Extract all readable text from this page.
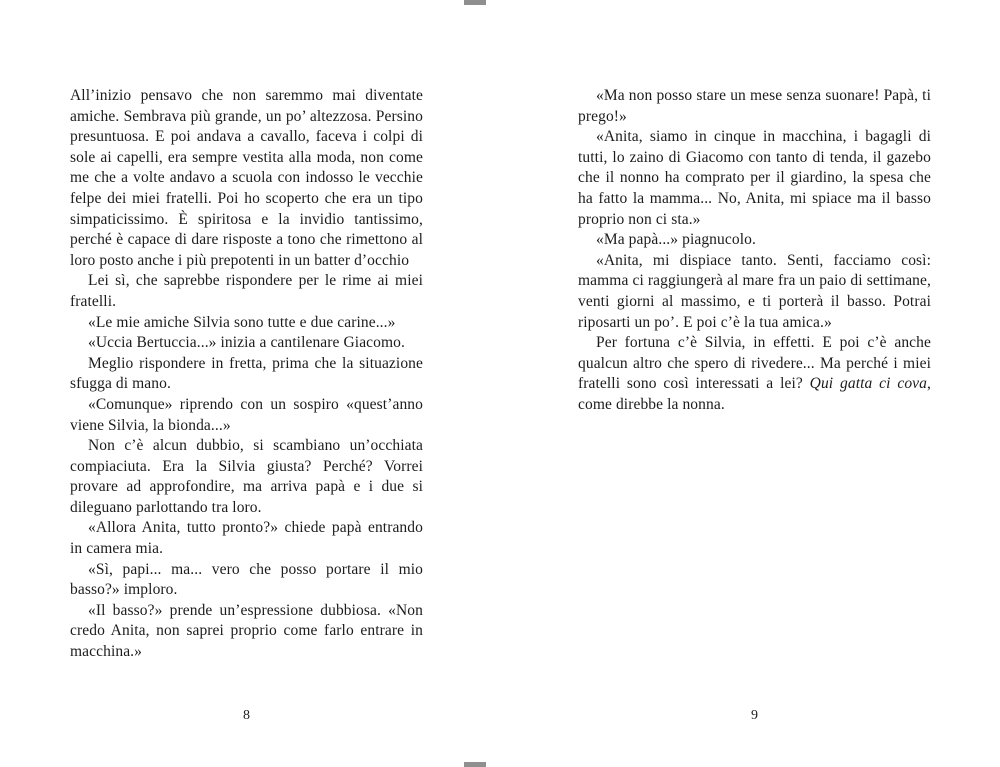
All’inizio pensavo che non saremmo mai diventate amiche. Sembrava più grande, un po’ altezzosa. Persino presuntuosa. E poi andava a cavallo, faceva i colpi di sole ai capelli, era sempre vestita alla moda, non come me che a volte andavo a scuola con indosso le vecchie felpe dei miei fratelli. Poi ho scoperto che era un tipo simpaticissimo. È spiritosa e la invidio tantissimo, perché è capace di dare risposte a tono che rimettono al loro posto anche i più prepotenti in un batter d’occhio

Lei sì, che saprebbe rispondere per le rime ai miei fratelli.

«Le mie amiche Silvia sono tutte e due carine...»

«Uccia Bertuccia...» inizia a cantilenare Giacomo.

Meglio rispondere in fretta, prima che la situazione sfugga di mano.

«Comunque» riprendo con un sospiro «quest’anno viene Silvia, la bionda...»

Non c’è alcun dubbio, si scambiano un’occhiata compiaciuta. Era la Silvia giusta? Perché? Vorrei provare ad approfondire, ma arriva papà e i due si dileguano parlottando tra loro.

«Allora Anita, tutto pronto?» chiede papà entrando in camera mia.

«Sì, papi... ma... vero che posso portare il mio basso?» imploro.

«Il basso?» prende un’espressione dubbiosa. «Non credo Anita, non saprei proprio come farlo entrare in macchina.»

«Ma non posso stare un mese senza suonare! Papà, ti prego!»

«Anita, siamo in cinque in macchina, i bagagli di tutti, lo zaino di Giacomo con tanto di tenda, il gazebo che il nonno ha comprato per il giardino, la spesa che ha fatto la mamma... No, Anita, mi spiace ma il basso proprio non ci sta.»

«Ma papà...» piagnucolo.

«Anita, mi dispiace tanto. Senti, facciamo così: mamma ci raggiungerà al mare fra un paio di settimane, venti giorni al massimo, e ti porterà il basso. Potrai riposarti un po’. E poi c’è la tua amica.»

Per fortuna c’è Silvia, in effetti. E poi c’è anche qualcun altro che spero di rivedere... Ma perché i miei fratelli sono così interessati a lei? Qui gatta ci cova, come direbbe la nonna.

8	9
